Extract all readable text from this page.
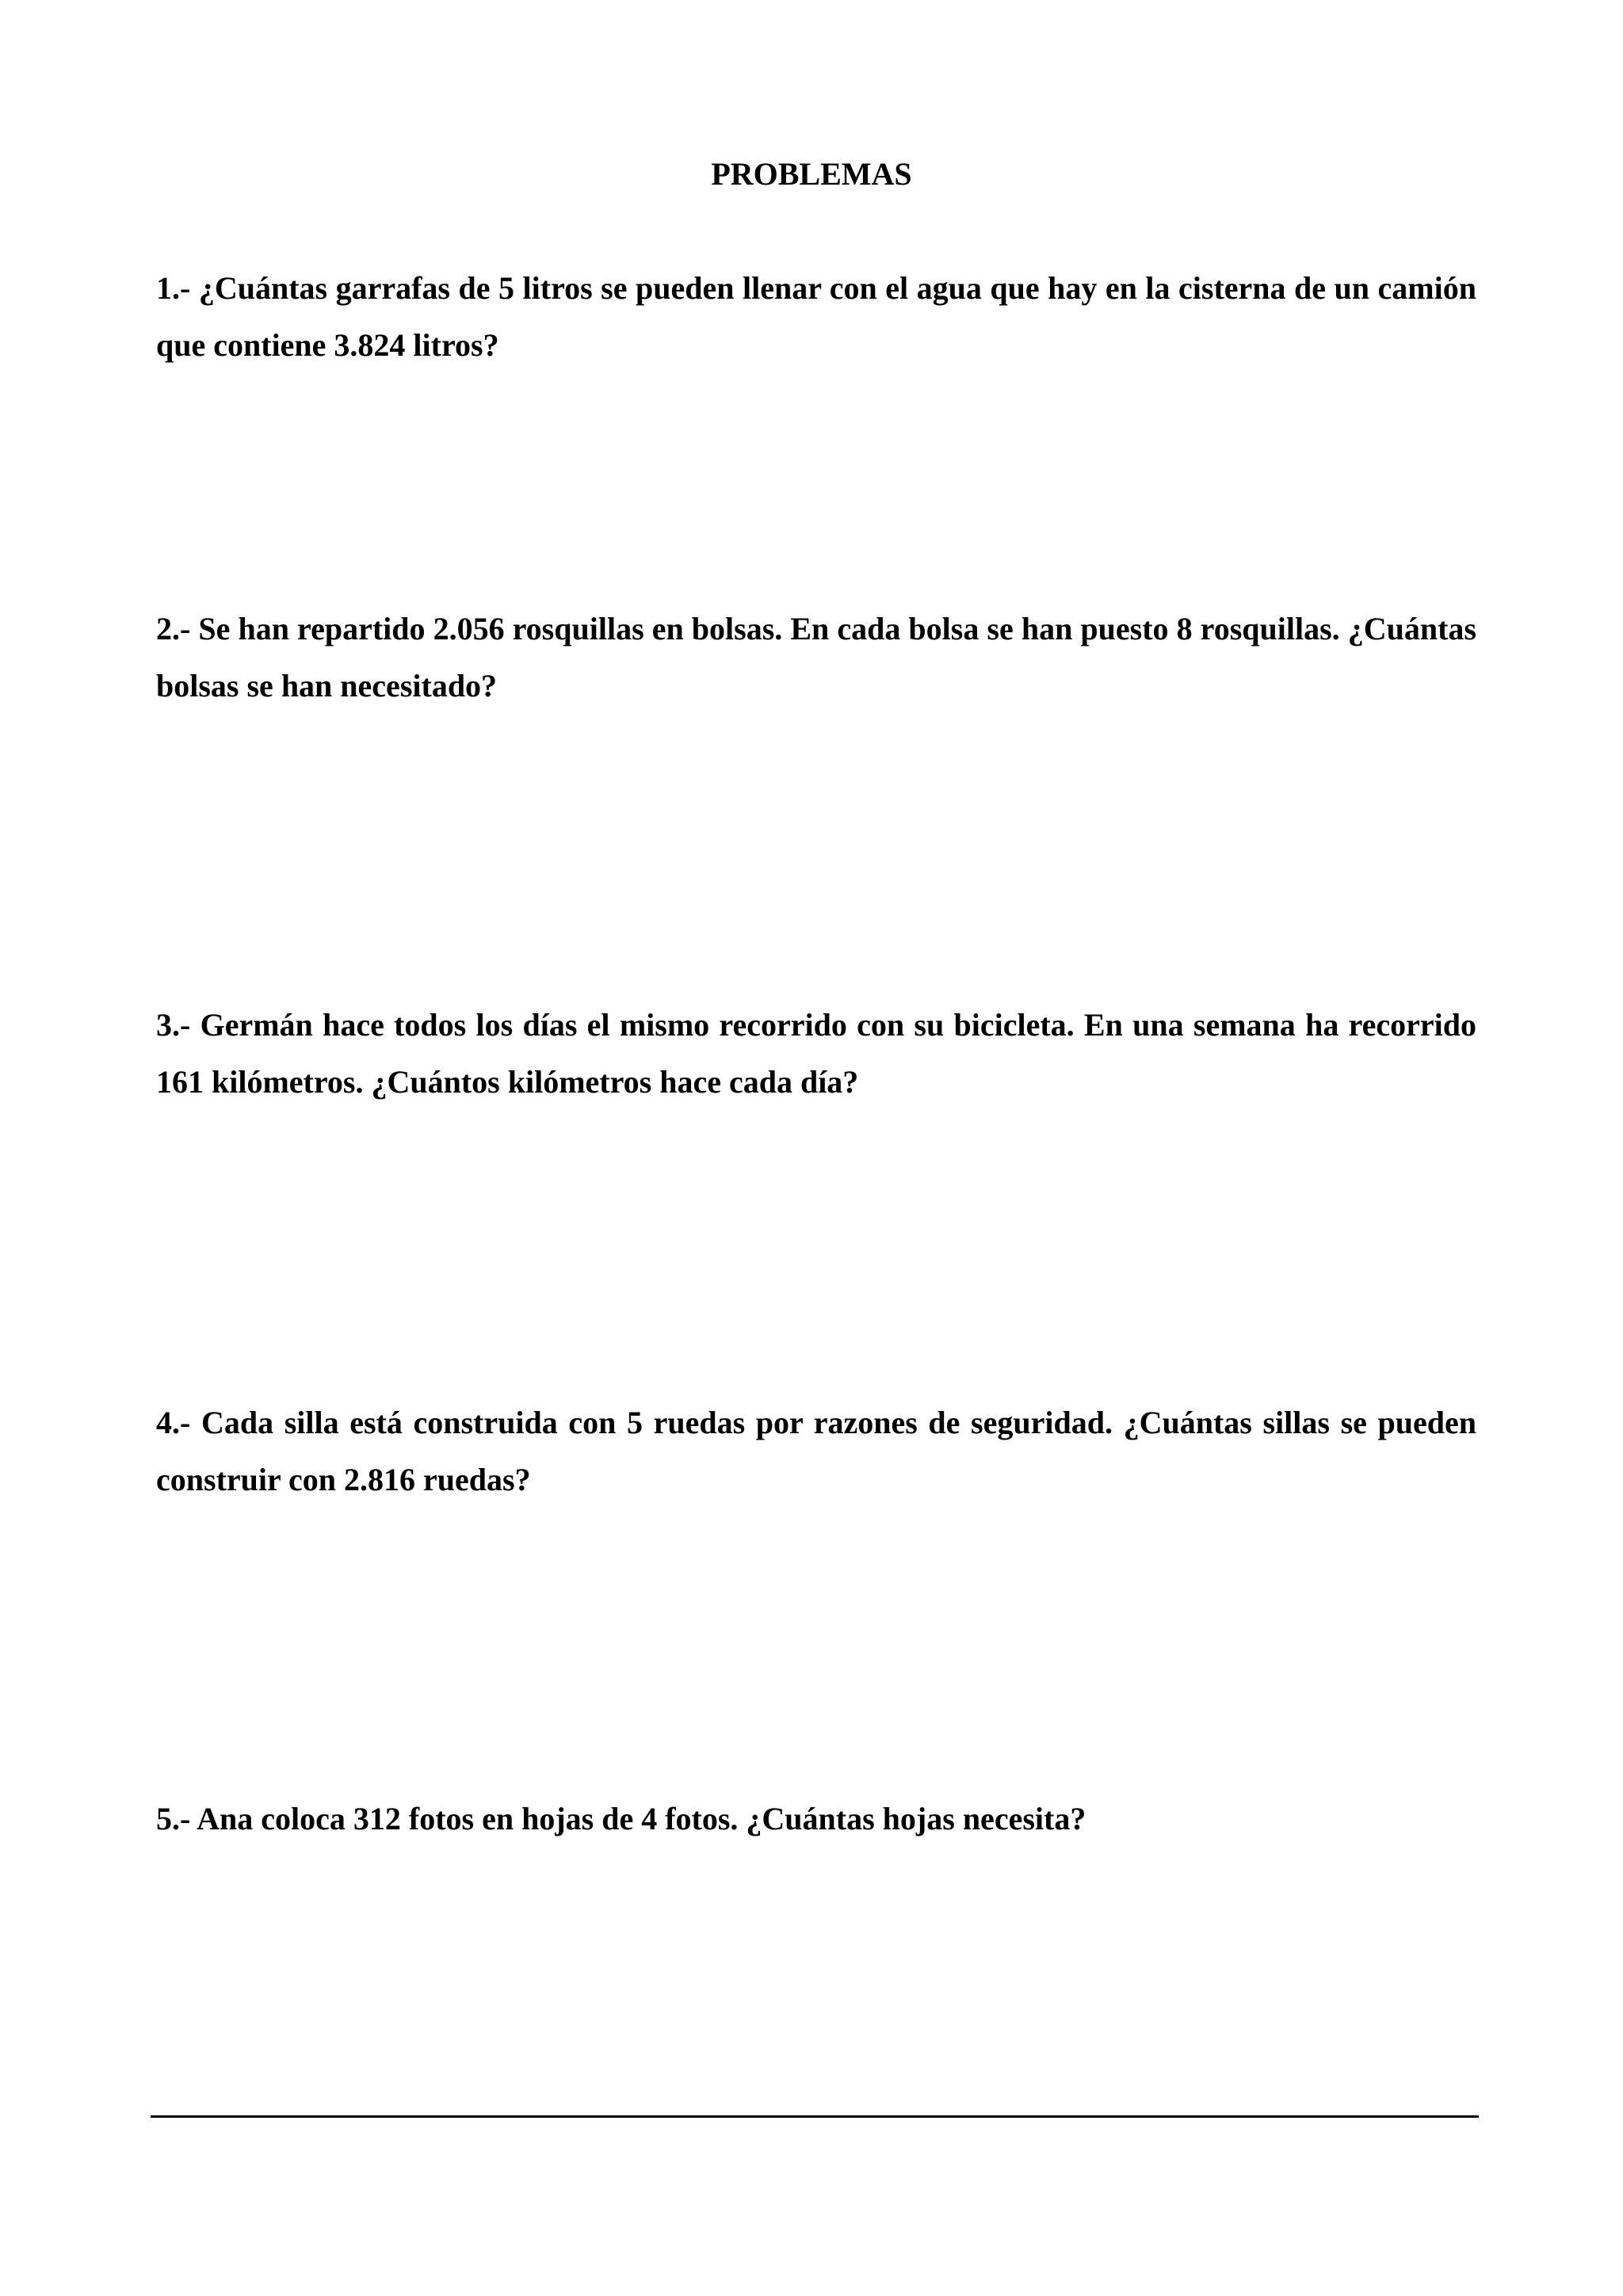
PROBLEMAS

1.- ¿Cuántas garrafas de 5 litros se pueden llenar con el agua que hay en la cisterna de un camión que contiene 3.824 litros?

2.- Se han repartido 2.056 rosquillas en bolsas. En cada bolsa se han puesto 8 rosquillas. ¿Cuántas bolsas se han necesitado?

3.- Germán hace todos los días el mismo recorrido con su bicicleta. En una semana ha recorrido 161 kilómetros. ¿Cuántos kilómetros hace cada día?

4.- Cada silla está construida con 5 ruedas por razones de seguridad. ¿Cuántas sillas se pueden construir con 2.816 ruedas?

5.- Ana coloca 312 fotos en hojas de 4 fotos. ¿Cuántas hojas necesita?
